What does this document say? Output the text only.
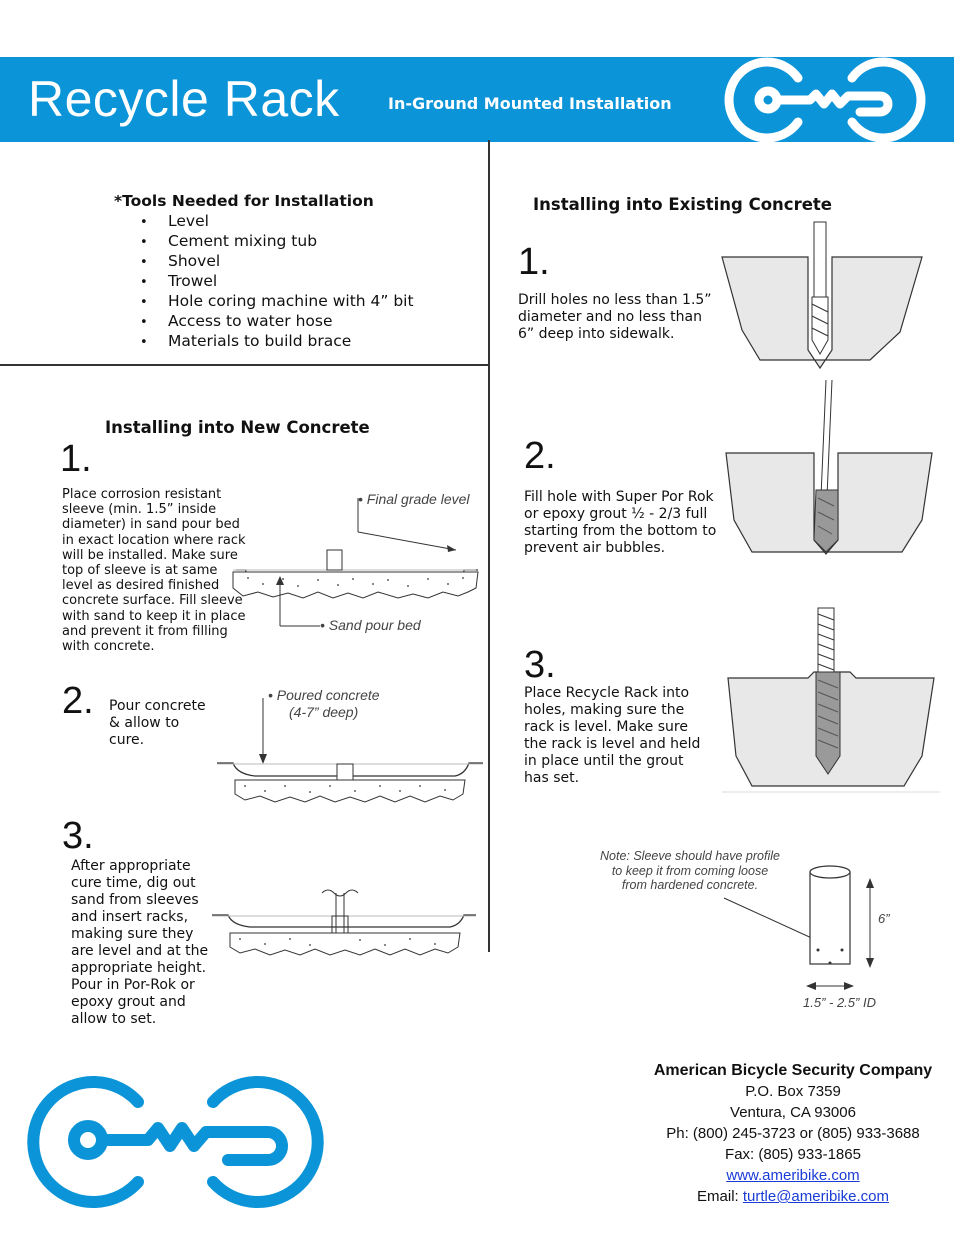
Recycle Rack	In-Ground Mounted Installation
*Tools Needed for Installation
• Level
• Cement mixing tub
• Shovel
• Trowel
• Hole coring machine with 4” bit
• Access to water hose
• Materials to build brace
Installing into New Concrete
1.
Place corrosion resistant sleeve (min. 1.5” inside diameter) in sand pour bed in exact location where rack will be installed. Make sure top of sleeve is at same level as desired finished concrete surface. Fill sleeve with sand to keep it in place and prevent it from filling with concrete.
• Final grade level
• Sand pour bed
2. Pour concrete
& allow to
cure.
• Poured concrete
(4-7” deep)
3.
After appropriate cure time, dig out sand from sleeves and insert racks, making sure they are level and at the appropriate height. Pour in Por-Rok or epoxy grout and allow to set.
Installing into Existing Concrete
1.
Drill holes no less than 1.5” diameter and no less than 6” deep into sidewalk.
2.
Fill hole with Super Por Rok or epoxy grout ½ - 2/3 full starting from the bottom to prevent air bubbles.
3.
Place Recycle Rack into holes, making sure the rack is level. Make sure the rack is level and held in place until the grout has set.
Note: Sleeve should have profile
to keep it from coming loose
from hardened concrete.
6”
1.5” - 2.5” ID
American Bicycle Security Company
P.O. Box 7359
Ventura, CA 93006
Ph: (800) 245-3723 or (805) 933-3688
Fax: (805) 933-1865
www.ameribike.com
Email: turtle@ameribike.com
